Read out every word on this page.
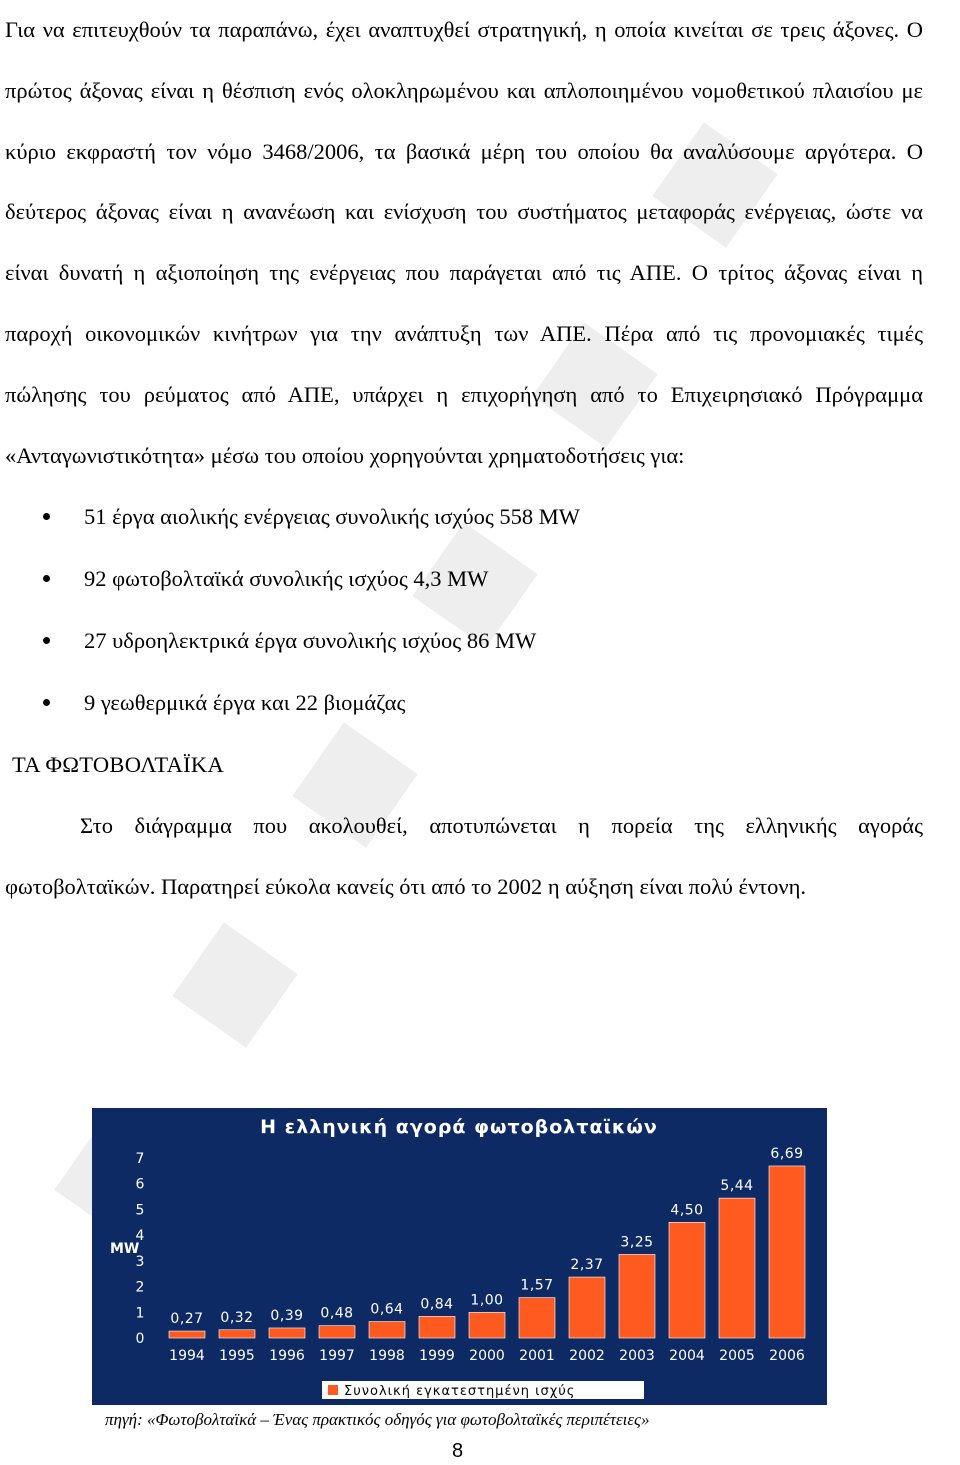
Για να επιτευχθούν τα παραπάνω, έχει αναπτυχθεί στρατηγική, η οποία κινείται σε τρεις άξονες. Ο πρώτος άξονας είναι η θέσπιση ενός ολοκληρωμένου και απλοποιημένου νομοθετικού πλαισίου με κύριο εκφραστή τον νόμο 3468/2006, τα βασικά μέρη του οποίου θα αναλύσουμε αργότερα. Ο δεύτερος άξονας είναι η ανανέωση και ενίσχυση του συστήματος μεταφοράς ενέργειας, ώστε να είναι δυνατή η αξιοποίηση της ενέργειας που παράγεται από τις ΑΠΕ. Ο τρίτος άξονας είναι η παροχή οικονομικών κινήτρων για την ανάπτυξη των ΑΠΕ. Πέρα από τις προνομιακές τιμές πώλησης του ρεύματος από ΑΠΕ, υπάρχει η επιχορήγηση από το Επιχειρησιακό Πρόγραμμα «Ανταγωνιστικότητα» μέσω του οποίου χορηγούνται χρηματοδοτήσεις για:

51 έργα αιολικής ενέργειας συνολικής ισχύος 558 MW
92 φωτοβολταϊκά συνολικής ισχύος 4,3 MW
27 υδροηλεκτρικά έργα συνολικής ισχύος 86 MW
9 γεωθερμικά έργα και 22 βιομάζας

ΤΑ ΦΩΤΟΒΟΛΤΑΪΚΑ

Στο διάγραμμα που ακολουθεί, αποτυπώνεται η πορεία της ελληνικής αγοράς φωτοβολταϊκών. Παρατηρεί εύκολα κανείς ότι από το 2002 η αύξηση είναι πολύ έντονη.

Η ελληνική αγορά φωτοβολταϊκών
MW
0
1
2
3
4
5
6
7
0,27
1994
0,32
1995
0,39
1996
0,48
1997
0,64
1998
0,84
1999
1,00
2000
1,57
2001
2,37
2002
3,25
2003
4,50
2004
5,44
2005
6,69
2006
Συνολική εγκατεστημένη ισχύς
πηγή: «Φωτοβολταϊκά – Ένας πρακτικός οδηγός για φωτοβολταϊκές περιπέτειες»
8
